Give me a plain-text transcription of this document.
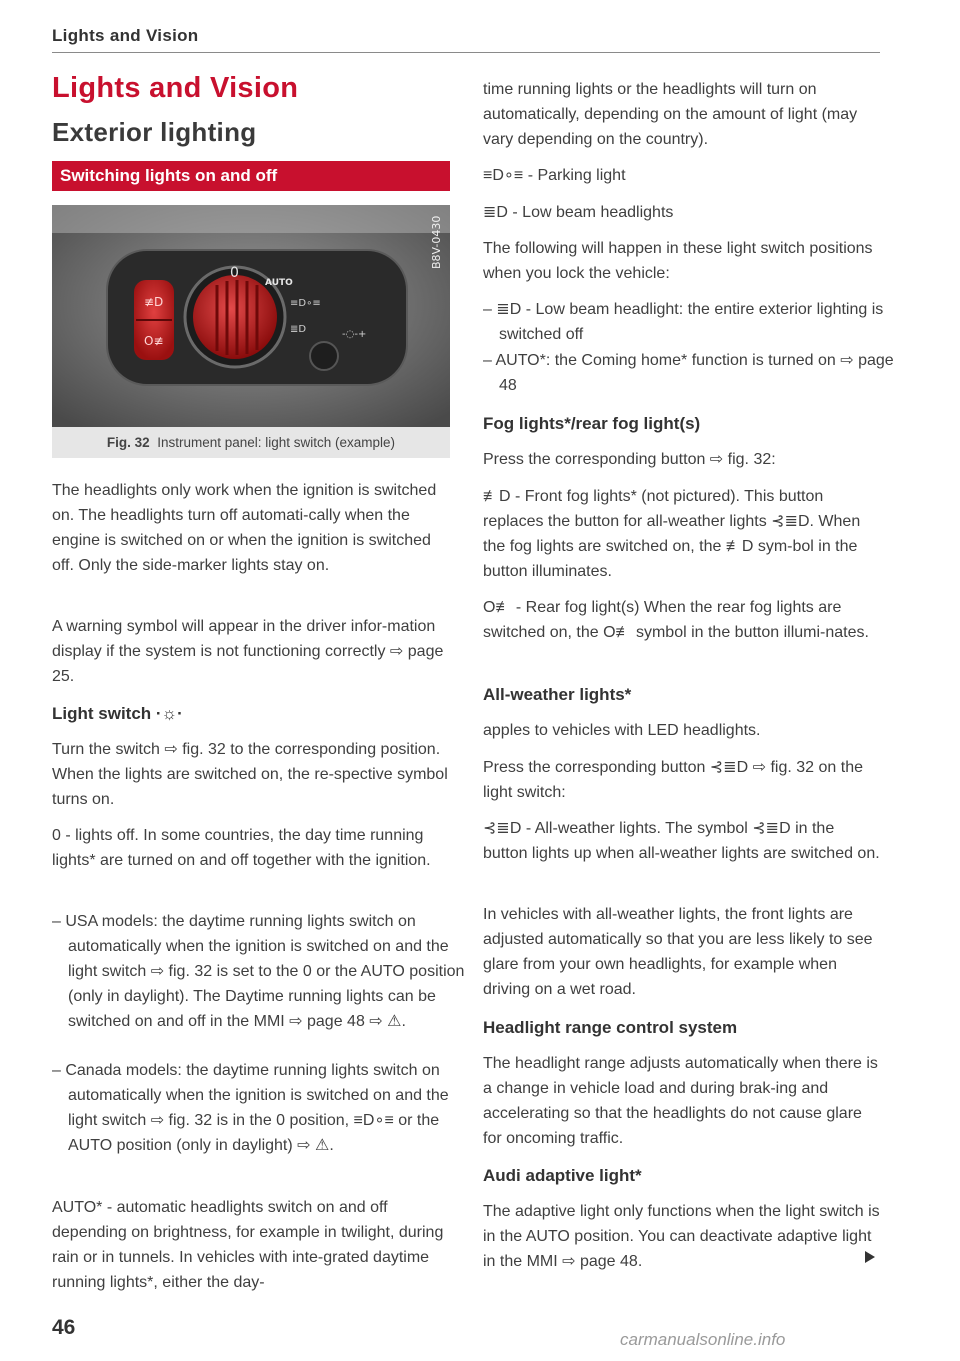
Lights and Vision
Lights and Vision
Exterior lighting
Switching lights on and off
≢D
O≢
0
AUTO
≡D∘≡
≣D	-◌‑+
B8V-0430
Fig. 32 Instrument panel: light switch (example)

The headlights only work when the ignition is switched on. The headlights turn off automati-cally when the engine is switched on or when the ignition is switched off. Only the side-marker lights stay on.

A warning symbol will appear in the driver infor-mation display if the system is not functioning correctly ⇨ page 25.

Light switch ·☼·

Turn the switch ⇨ fig. 32 to the corresponding position. When the lights are switched on, the re-spective symbol turns on.

0 - lights off. In some countries, the day time running lights* are turned on and off together with the ignition.

– USA models: the daytime running lights switch on automatically when the ignition is switched on and the light switch ⇨ fig. 32 is set to the 0 or the AUTO position (only in daylight). The Daytime running lights can be switched on and off in the MMI ⇨ page 48 ⇨ ⚠.

– Canada models: the daytime running lights switch on automatically when the ignition is switched on and the light switch ⇨ fig. 32 is in the 0 position, ≡D∘≡ or the AUTO position (only in daylight) ⇨ ⚠.

AUTO* - automatic headlights switch on and off depending on brightness, for example in twilight, during rain or in tunnels. In vehicles with inte-grated daytime running lights*, either the day-

time running lights or the headlights will turn on automatically, depending on the amount of light (may vary depending on the country).

≡D∘≡ - Parking light

≣D - Low beam headlights

The following will happen in these light switch positions when you lock the vehicle:

– ≣D - Low beam headlight: the entire exterior lighting is switched off

– AUTO*: the Coming home* function is turned on ⇨ page 48

Fog lights*/rear fog light(s)

Press the corresponding button ⇨ fig. 32:

≢D - Front fog lights* (not pictured). This button replaces the button for all-weather lights ⊰≣D. When the fog lights are switched on, the ≢D sym-bol in the button illuminates.

O≢ - Rear fog light(s) When the rear fog lights are switched on, the O≢ symbol in the button illumi-nates.

All-weather lights*

apples to vehicles with LED headlights.

Press the corresponding button ⊰≣D ⇨ fig. 32 on the light switch:

⊰≣D - All-weather lights. The symbol ⊰≣D in the button lights up when all-weather lights are switched on.

In vehicles with all-weather lights, the front lights are adjusted automatically so that you are less likely to see glare from your own headlights, for example when driving on a wet road.

Headlight range control system

The headlight range adjusts automatically when there is a change in vehicle load and during brak-ing and accelerating so that the headlights do not cause glare for oncoming traffic.

Audi adaptive light*

The adaptive light only functions when the light switch is in the AUTO position. You can deactivate adaptive light in the MMI ⇨ page 48.

46
carmanualsonline.info
